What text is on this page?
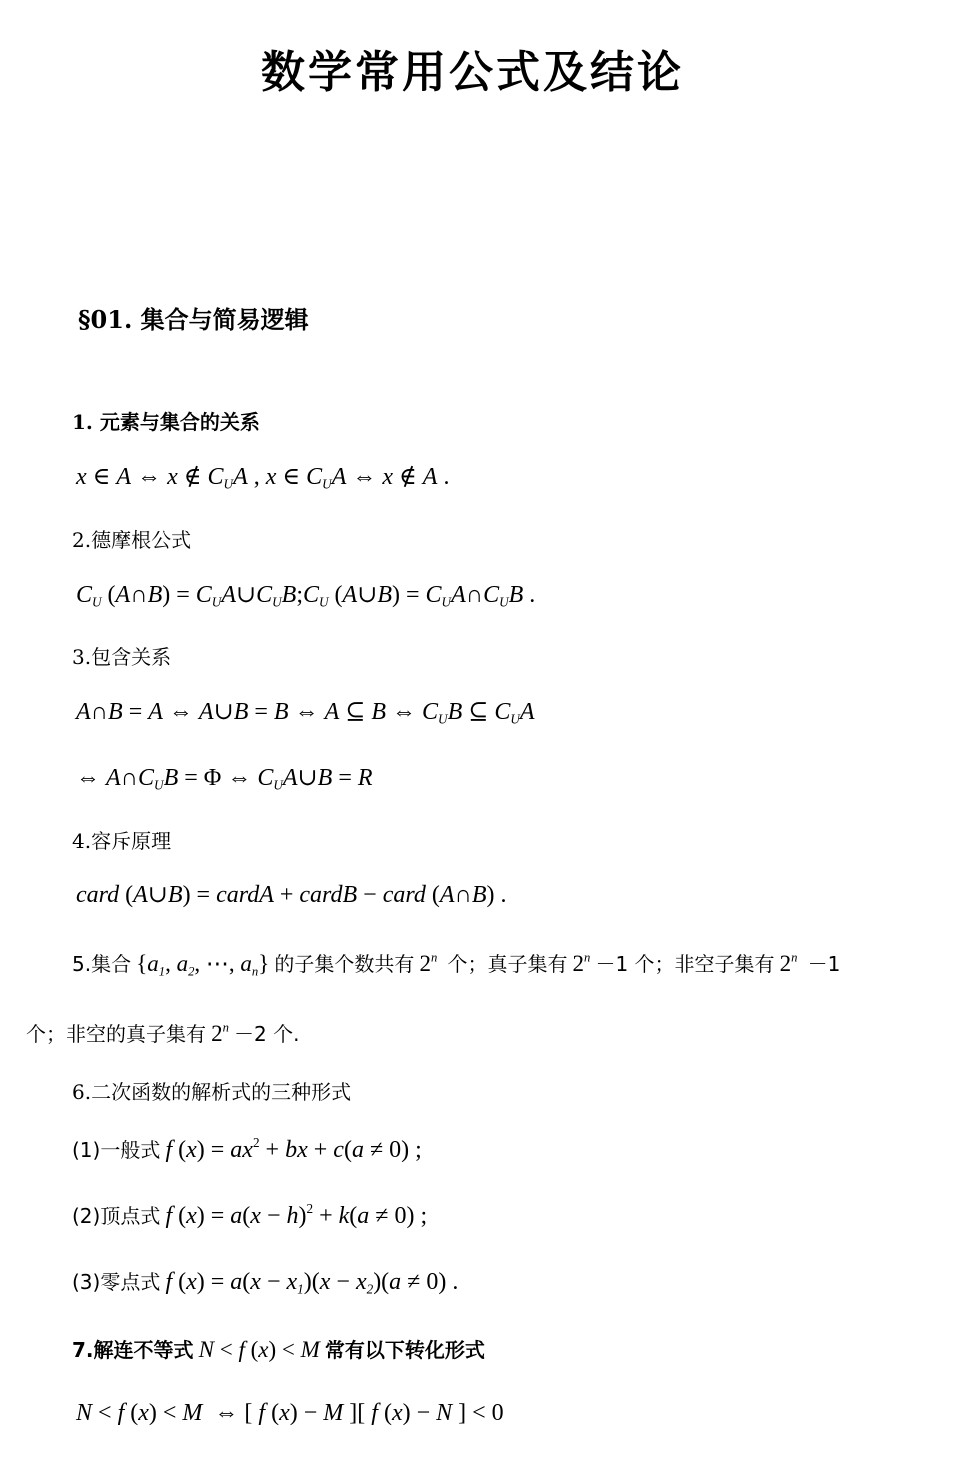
数学常用公式及结论
§01. 集合与简易逻辑
1. 元素与集合的关系
x ∈ A ⇔ x ∉ $C_UA$ , x ∈ $C_UA$ ⇔ x ∉ A .
2.德摩根公式
$C_U$ (A∩B) = $C_UA\cup C_UB;C_U$ (A∪B) = $C_UA\cap C_UB$ .
3.包含关系
A∩B = A ⇔ A∪B = B ⇔ A ⊆ B ⇔ $C_UB$ ⊆ $C_UA$
⇔ $A\cap C_UB = \Phi$ ⇔ $C_UA\cup B = R$
4.容斥原理
card (A∪B) = cardA + cardB − card (A∩B) .
5.集合 {$a_1$, $a_2$, ⋯, $a_n$} 的子集个数共有 2$^n$ 个；真子集有 $2^n -1$ 个；非空子集有 $2^n -1$
个；非空的真子集有 $2^n -2$ 个.
6.二次函数的解析式的三种形式
(1)一般式 f $(x) = ax^2$ + bx + c(a ≠ 0) ;
(2)顶点式 f $(x) = a(x - h)^2 + k(a \ne 0)$ ;
(3)零点式 f $(x) = a(x - x_1)(x - x_2)(a \ne 0)$ .
7.解连不等式 N < f (x) < M 常有以下转化形式
N < f (x) < M  ⇔ [ f (x) − M ][ f (x) − N ] < 0
